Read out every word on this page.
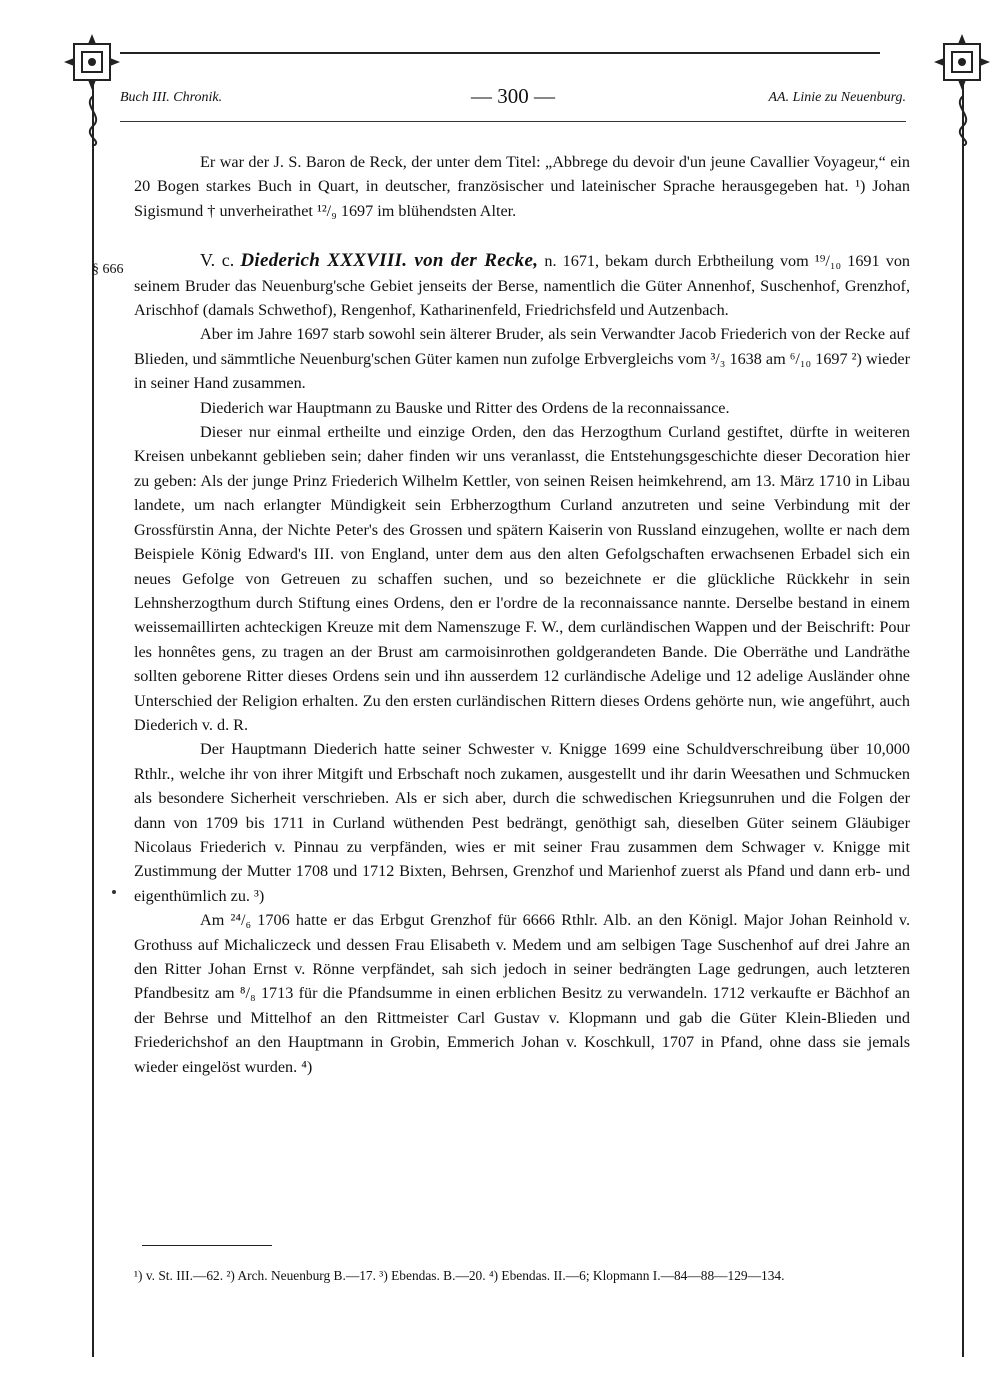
Buch III. Chronik.	— 300 —	AA. Linie zu Neuenburg.
§ 666

Er war der J. S. Baron de Reck, der unter dem Titel: „Abbrege du devoir d'un jeune Cavallier Voyageur,“ ein 20 Bogen starkes Buch in Quart, in deutscher, französischer und lateinischer Sprache herausgegeben hat. ¹) Johan Sigismund † unverheirathet ¹²/₉ 1697 im blühendsten Alter.

V. c. Diederich XXXVIII. von der Recke, n. 1671, bekam durch Erbtheilung vom ¹⁹/₁₀ 1691 von seinem Bruder das Neuenburg'sche Gebiet jenseits der Berse, namentlich die Güter Annenhof, Suschenhof, Grenzhof, Arischhof (damals Schwethof), Rengenhof, Katharinenfeld, Friedrichsfeld und Autzenbach.

Aber im Jahre 1697 starb sowohl sein älterer Bruder, als sein Verwandter Jacob Friederich von der Recke auf Blieden, und sämmtliche Neuenburg'schen Güter kamen nun zufolge Erbvergleichs vom ³/₃ 1638 am ⁶/₁₀ 1697 ²) wieder in seiner Hand zusammen.

Diederich war Hauptmann zu Bauske und Ritter des Ordens de la reconnaissance.

Dieser nur einmal ertheilte und einzige Orden, den das Herzogthum Curland gestiftet, dürfte in weiteren Kreisen unbekannt geblieben sein; daher finden wir uns veranlasst, die Entstehungsgeschichte dieser Decoration hier zu geben: Als der junge Prinz Friederich Wilhelm Kettler, von seinen Reisen heimkehrend, am 13. März 1710 in Libau landete, um nach erlangter Mündigkeit sein Erbherzogthum Curland anzutreten und seine Verbindung mit der Grossfürstin Anna, der Nichte Peter's des Grossen und spätern Kaiserin von Russland einzugehen, wollte er nach dem Beispiele König Edward's III. von England, unter dem aus den alten Gefolgschaften erwachsenen Erbadel sich ein neues Gefolge von Getreuen zu schaffen suchen, und so bezeichnete er die glückliche Rückkehr in sein Lehnsherzogthum durch Stiftung eines Ordens, den er l'ordre de la reconnaissance nannte. Derselbe bestand in einem weissemaillirten achteckigen Kreuze mit dem Namenszuge F. W., dem curländischen Wappen und der Beischrift: Pour les honnêtes gens, zu tragen an der Brust am carmoisinrothen goldgerandeten Bande. Die Oberräthe und Landräthe sollten geborene Ritter dieses Ordens sein und ihn ausserdem 12 curländische Adelige und 12 adelige Ausländer ohne Unterschied der Religion erhalten. Zu den ersten curländischen Rittern dieses Ordens gehörte nun, wie angeführt, auch Diederich v. d. R.

Der Hauptmann Diederich hatte seiner Schwester v. Knigge 1699 eine Schuldverschreibung über 10,000 Rthlr., welche ihr von ihrer Mitgift und Erbschaft noch zukamen, ausgestellt und ihr darin Weesathen und Schmucken als besondere Sicherheit verschrieben. Als er sich aber, durch die schwedischen Kriegsunruhen und die Folgen der dann von 1709 bis 1711 in Curland wüthenden Pest bedrängt, genöthigt sah, dieselben Güter seinem Gläubiger Nicolaus Friederich v. Pinnau zu verpfänden, wies er mit seiner Frau zusammen dem Schwager v. Knigge mit Zustimmung der Mutter 1708 und 1712 Bixten, Behrsen, Grenzhof und Marienhof zuerst als Pfand und dann erb- und eigenthümlich zu. ³)

Am ²⁴/₆ 1706 hatte er das Erbgut Grenzhof für 6666 Rthlr. Alb. an den Königl. Major Johan Reinhold v. Grothuss auf Michaliczeck und dessen Frau Elisabeth v. Medem und am selbigen Tage Suschenhof auf drei Jahre an den Ritter Johan Ernst v. Rönne verpfändet, sah sich jedoch in seiner bedrängten Lage gedrungen, auch letzteren Pfandbesitz am ⁸/₈ 1713 für die Pfandsumme in einen erblichen Besitz zu verwandeln. 1712 verkaufte er Bächhof an der Behrse und Mittelhof an den Rittmeister Carl Gustav v. Klopmann und gab die Güter Klein-Blieden und Friederichshof an den Hauptmann in Grobin, Emmerich Johan v. Koschkull, 1707 in Pfand, ohne dass sie jemals wieder eingelöst wurden. ⁴)

¹) v. St. III.—62. ²) Arch. Neuenburg B.—17. ³) Ebendas. B.—20. ⁴) Ebendas. II.—6; Klopmann I.—84—88—129—134.
